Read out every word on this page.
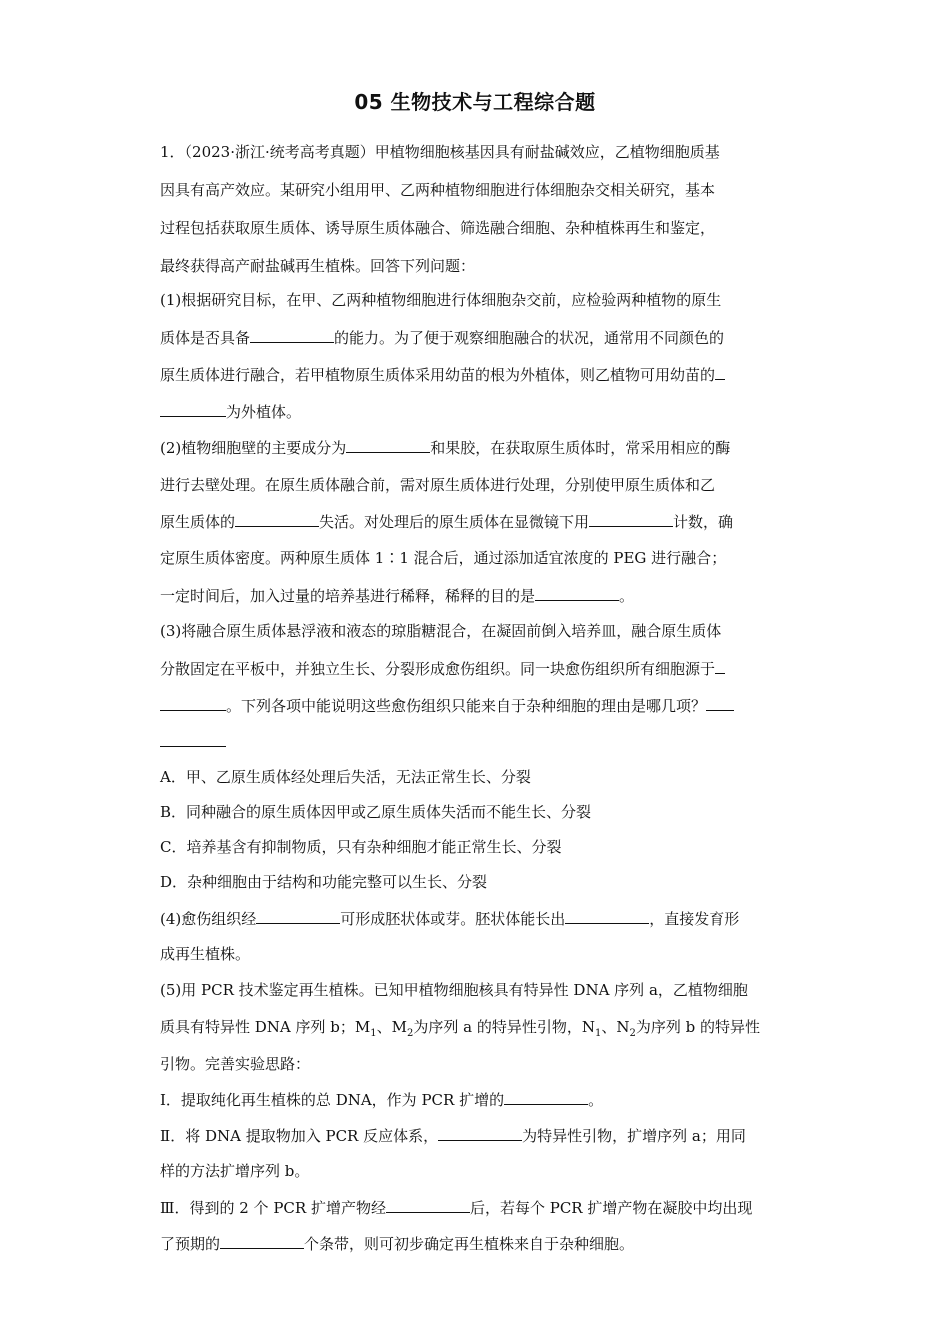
05 生物技术与工程综合题
1．（2023·浙江·统考高考真题）甲植物细胞核基因具有耐盐碱效应，乙植物细胞质基
因具有高产效应。某研究小组用甲、乙两种植物细胞进行体细胞杂交相关研究，基本
过程包括获取原生质体、诱导原生质体融合、筛选融合细胞、杂种植株再生和鉴定，
最终获得高产耐盐碱再生植株。回答下列问题：
(1)根据研究目标，在甲、乙两种植物细胞进行体细胞杂交前，应检验两种植物的原生
质体是否具备	的能力。为了便于观察细胞融合的状况，通常用不同颜色的
原生质体进行融合，若甲植物原生质体采用幼苗的根为外植体，则乙植物可用幼苗的
为外植体。
(2)植物细胞壁的主要成分为	和果胶，在获取原生质体时，常采用相应的酶
进行去壁处理。在原生质体融合前，需对原生质体进行处理，分别使甲原生质体和乙
原生质体的	失活。对处理后的原生质体在显微镜下用	计数，确
定原生质体密度。两种原生质体 1∶1 混合后，通过添加适宜浓度的 PEG 进行融合；
一定时间后，加入过量的培养基进行稀释，稀释的目的是	。
(3)将融合原生质体悬浮液和液态的琼脂糖混合，在凝固前倒入培养皿，融合原生质体
分散固定在平板中，并独立生长、分裂形成愈伤组织。同一块愈伤组织所有细胞源于
。下列各项中能说明这些愈伤组织只能来自于杂种细胞的理由是哪几项？
A．甲、乙原生质体经处理后失活，无法正常生长、分裂
B．同种融合的原生质体因甲或乙原生质体失活而不能生长、分裂
C．培养基含有抑制物质，只有杂种细胞才能正常生长、分裂
D．杂种细胞由于结构和功能完整可以生长、分裂
(4)愈伤组织经	可形成胚状体或芽。胚状体能长出	，直接发育形
成再生植株。
(5)用 PCR 技术鉴定再生植株。已知甲植物细胞核具有特异性 DNA 序列 a，乙植物细胞
质具有特异性 DNA 序列 b；$M_1$、$M_2$为序列 a 的特异性引物，$N_1$、$N_2$为序列 b 的特异性
引物。完善实验思路：
Ⅰ．提取纯化再生植株的总 DNA，作为 PCR 扩增的	。
Ⅱ．将 DNA 提取物加入 PCR 反应体系，	为特异性引物，扩增序列 a；用同
样的方法扩增序列 b。
Ⅲ．得到的 2 个 PCR 扩增产物经	后，若每个 PCR 扩增产物在凝胶中均出现
了预期的	个条带，则可初步确定再生植株来自于杂种细胞。
